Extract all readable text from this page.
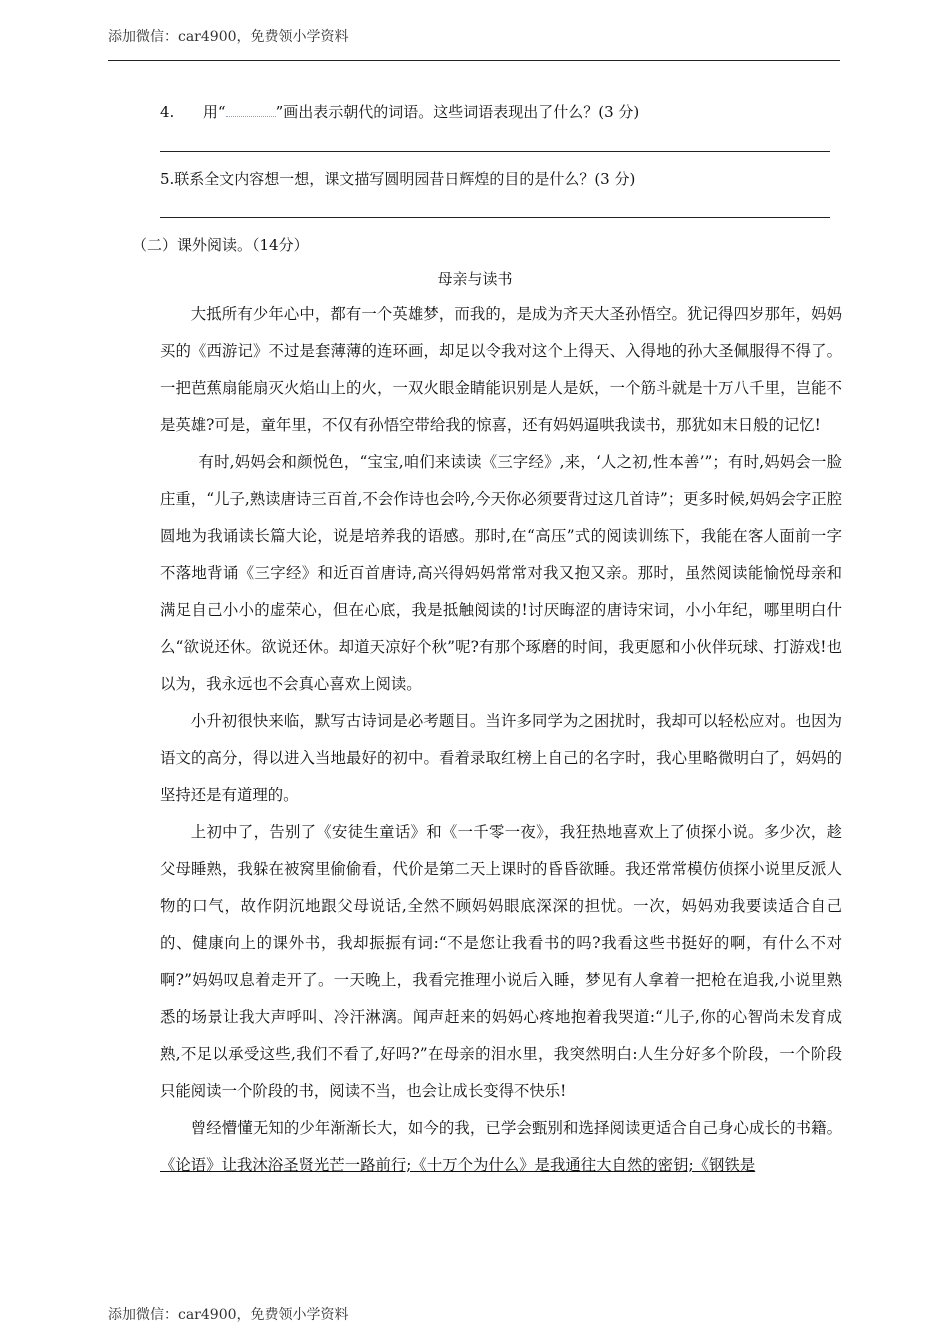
添加微信：car4900，免费领小学资料
4. 用“	”画出表示朝代的词语。这些词语表现出了什么？(3 分)
5.联系全文内容想一想，课文描写圆明园昔日辉煌的目的是什么？(3 分)
（二）课外阅读。（14分）
母亲与读书

大抵所有少年心中，都有一个英雄梦，而我的，是成为齐天大圣孙悟空。犹记得四岁那年，妈妈买的《西游记》不过是套薄薄的连环画，却足以令我对这个上得天、入得地的孙大圣佩服得不得了。一把芭蕉扇能扇灭火焰山上的火，一双火眼金睛能识别是人是妖，一个筋斗就是十万八千里，岂能不是英雄?可是，童年里，不仅有孙悟空带给我的惊喜，还有妈妈逼哄我读书，那犹如末日般的记忆!

有时,妈妈会和颜悦色，“宝宝,咱们来读读《三字经》,来，‘人之初,性本善’”；有时,妈妈会一脸庄重，“儿子,熟读唐诗三百首,不会作诗也会吟,今天你必须要背过这几首诗”；更多时候,妈妈会字正腔圆地为我诵读长篇大论，说是培养我的语感。那时,在“高压”式的阅读训练下，我能在客人面前一字不落地背诵《三字经》和近百首唐诗,高兴得妈妈常常对我又抱又亲。那时，虽然阅读能愉悦母亲和满足自己小小的虚荣心，但在心底，我是抵触阅读的!讨厌晦涩的唐诗宋词，小小年纪，哪里明白什么“欲说还休。欲说还休。却道天凉好个秋”呢?有那个琢磨的时间，我更愿和小伙伴玩球、打游戏!也以为，我永远也不会真心喜欢上阅读。

小升初很快来临，默写古诗词是必考题目。当许多同学为之困扰时，我却可以轻松应对。也因为语文的高分，得以进入当地最好的初中。看着录取红榜上自己的名字时，我心里略微明白了，妈妈的坚持还是有道理的。

上初中了，告别了《安徒生童话》和《一千零一夜》，我狂热地喜欢上了侦探小说。多少次，趁父母睡熟，我躲在被窝里偷偷看，代价是第二天上课时的昏昏欲睡。我还常常模仿侦探小说里反派人物的口气，故作阴沉地跟父母说话,全然不顾妈妈眼底深深的担忧。一次，妈妈劝我要读适合自己的、健康向上的课外书，我却振振有词:“不是您让我看书的吗?我看这些书挺好的啊，有什么不对啊?”妈妈叹息着走开了。一天晚上，我看完推理小说后入睡，梦见有人拿着一把枪在追我,小说里熟悉的场景让我大声呼叫、冷汗淋漓。闻声赶来的妈妈心疼地抱着我哭道:“儿子,你的心智尚未发育成熟,不足以承受这些,我们不看了,好吗?”在母亲的泪水里，我突然明白:人生分好多个阶段，一个阶段只能阅读一个阶段的书，阅读不当，也会让成长变得不快乐!

曾经懵懂无知的少年渐渐长大，如今的我，已学会甄别和选择阅读更适合自己身心成长的书籍。《论语》让我沐浴圣贤光芒一路前行;《十万个为什么》是我通往大自然的密钥;《钢铁是

添加微信：car4900，免费领小学资料
